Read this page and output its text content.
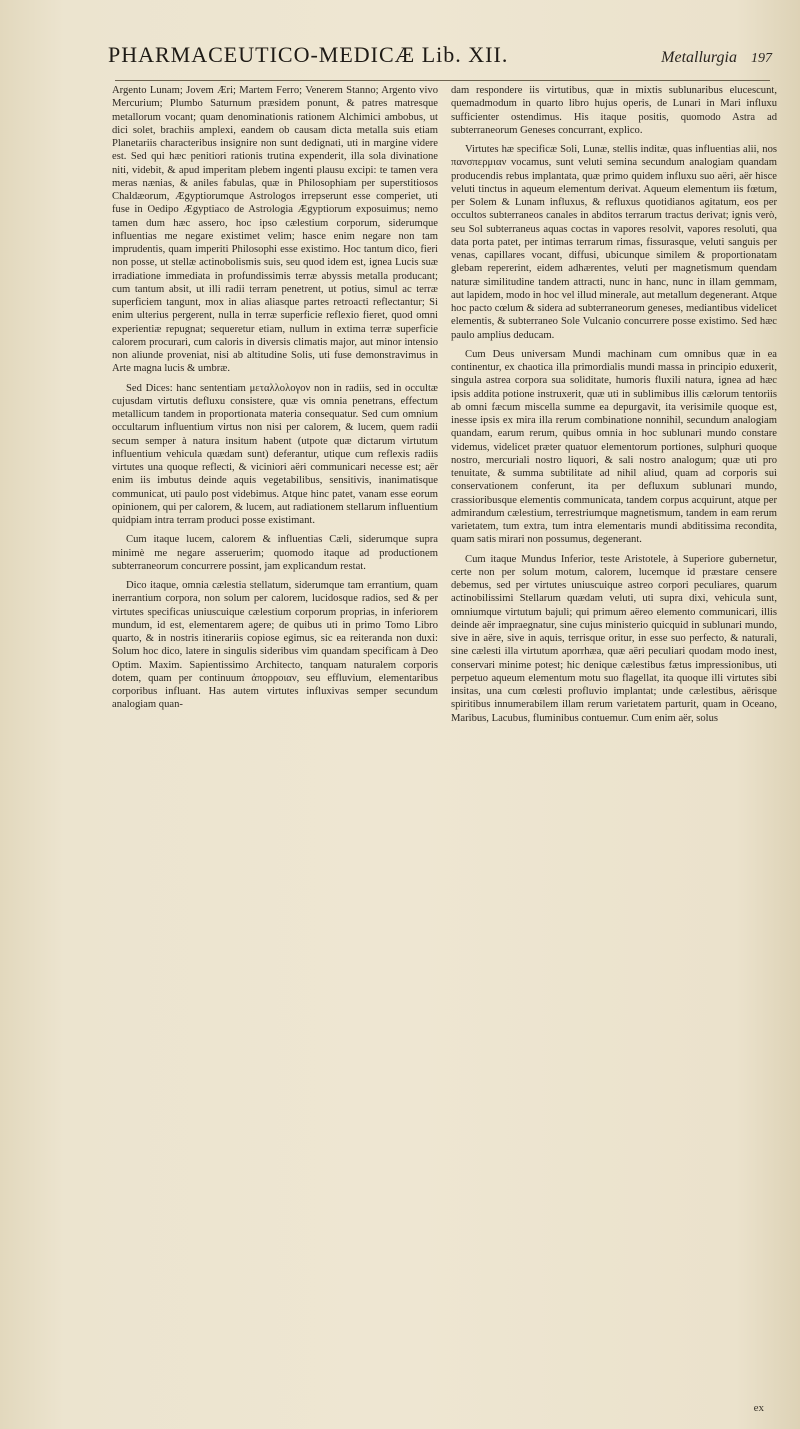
PHARMACEUTICO-MEDICÆ Lib. XII.	Metallurgia 197

Argento Lunam; Jovem Æri; Martem Ferro; Venerem Stanno; Argento vivo Mercurium; Plumbo Saturnum præsidem ponunt, & patres matresque metallorum vocant; quam denominationis rationem Alchimici ambobus, ut dici solet, brachiis amplexi, eandem ob causam dicta metalla suis etiam Planetariis characteribus insignire non sunt dedignati, uti in margine videre est. Sed qui hæc penitiori rationis trutina expenderit, illa sola divinatione niti, videbit, & apud imperitam plebem ingenti plausu excipi: te tamen vera meras nænias, & aniles fabulas, quæ in Philosophiam per superstitiosos Chaldæorum, Ægyptiorumque Astrologos irrepserunt esse comperiet, uti fuse in Oedipo Ægyptiaco de Astrologia Ægyptiorum exposuimus; nemo tamen dum hæc assero, hoc ipso cælestium corporum, siderumque influentias me negare existimet velim; hasce enim negare non tam imprudentis, quam imperiti Philosophi esse existimo. Hoc tantum dico, fieri non posse, ut stellæ actinobolismis suis, seu quod idem est, ignea Lucis suæ irradiatione immediata in profundissimis terræ abyssis metalla producant; cum tantum absit, ut illi radii terram penetrent, ut potius, simul ac terræ superficiem tangunt, mox in alias aliasque partes retroacti reflectantur; Si enim ulterius pergerent, nulla in terræ superficie reflexio fieret, quod omni experientiæ repugnat; sequeretur etiam, nullum in extima terræ superficie calorem procurari, cum caloris in diversis climatis major, aut minor intensio non aliunde proveniat, nisi ab altitudine Solis, uti fuse demonstravimus in Arte magna lucis & umbræ.

Sed Dices: hanc sententiam μεταλλολογον non in radiis, sed in occultæ cujusdam virtutis defluxu consistere, quæ vis omnia penetrans, effectum metallicum tandem in proportionata materia consequatur. Sed cum omnium occultarum influentium virtus non nisi per calorem, & lucem, quem radii secum semper à natura insitum habent (utpote quæ dictarum virtutum influentium vehicula quædam sunt) deferantur, utique cum reflexis radiis virtutes una quoque reflecti, & viciniori aëri communicari necesse est; aër enim iis imbutus deinde aquis vegetabilibus, sensitivis, inanimatisque communicat, uti paulo post videbimus. Atque hinc patet, vanam esse eorum opinionem, qui per calorem, & lucem, aut radiationem stellarum influentium quidpiam intra terram produci posse existimant.

Cum itaque lucem, calorem & influentias Cæli, siderumque supra minimè me negare asseruerim; quomodo itaque ad productionem subterraneorum concurrere possint, jam explicandum restat.

Dico itaque, omnia cælestia stellatum, siderumque tam errantium, quam inerrantium corpora, non solum per calorem, lucidosque radios, sed & per virtutes specificas uniuscuique cælestium corporum proprias, in inferiorem mundum, id est, elementarem agere; de quibus uti in primo Tomo Libro quarto, & in nostris itinerariis copiose egimus, sic ea reiteranda non duxi: Solum hoc dico, latere in singulis sideribus vim quandam specificam à Deo Optim. Maxim. Sapientissimo Architecto, tanquam naturalem corporis dotem, quam per continuum ἀπορροιαν, seu effluvium, elementaribus corporibus influant. Has autem virtutes influxivas semper secundum analogiam quan-

dam respondere iis virtutibus, quæ in mixtis sublunaribus elucescunt, quemadmodum in quarto libro hujus operis, de Lunari in Mari influxu sufficienter ostendimus. His itaque positis, quomodo Astra ad subterraneorum Geneses concurrant, explico.

Virtutes hæ specificæ Soli, Lunæ, stellis inditæ, quas influentias alii, nos πανσπερμιαν vocamus, sunt veluti semina secundum analogiam quandam producendis rebus implantata, quæ primo quidem influxu suo aëri, aër hisce veluti tinctus in aqueum elementum derivat. Aqueum elementum iis fœtum, per Solem & Lunam influxus, & refluxus quotidianos agitatum, eos per occultos subterraneos canales in abditos terrarum tractus derivat; ignis verò, seu Sol subterraneus aquas coctas in vapores resolvit, vapores resoluti, qua data porta patet, per intimas terrarum rimas, fissurasque, veluti sanguis per venas, capillares vocant, diffusi, ubicunque similem & proportionatam glebam repererint, eidem adhærentes, veluti per magnetismum quendam naturæ similitudine tandem attracti, nunc in hanc, nunc in illam gemmam, aut lapidem, modo in hoc vel illud minerale, aut metallum degenerant. Atque hoc pacto cœlum & sidera ad subterraneorum geneses, mediantibus videlicet elementis, & subterraneo Sole Vulcanio concurrere posse existimo. Sed hæc paulo amplius deducam.

Cum Deus universam Mundi machinam cum omnibus quæ in ea continentur, ex chaotica illa primordialis mundi massa in principio eduxerit, singula astrea corpora sua soliditate, humoris fluxili natura, ignea ad hæc ipsis addita potione instruxerit, quæ uti in sublimibus illis cælorum tentoriis ab omni fæcum miscella summe ea depurgavit, ita verisimile quoque est, inesse ipsis ex mira illa rerum combinatione nonnihil, secundum analogiam quandam, earum rerum, quibus omnia in hoc sublunari mundo constare videmus, videlicet præter quatuor elementorum portiones, sulphuri quoque nostro, mercuriali nostro liquori, & sali nostro analogum; quæ uti pro tenuitate, & summa subtilitate ad nihil aliud, quam ad corporis sui conservationem conferunt, ita per defluxum sublunari mundo, crassioribusque elementis communicata, tandem corpus acquirunt, atque per admirandum cælestium, terrestriumque magnetismum, tandem in eam rerum varietatem, tum extra, tum intra elementaris mundi abditissima recondita, quam satis mirari non possumus, degenerant.

Cum itaque Mundus Inferior, teste Aristotele, à Superiore gubernetur, certe non per solum motum, calorem, lucemque id præstare censere debemus, sed per virtutes uniuscuique astreo corpori peculiares, quarum actinobilissimi Stellarum quædam veluti, uti supra dixi, vehicula sunt, omniumque virtutum bajuli; qui primum aëreo elemento communicari, illis deinde aër impraegnatur, sine cujus ministerio quicquid in sublunari mundo, sive in aëre, sive in aquis, terrisque oritur, in esse suo perfecto, & naturali, sine cælesti illa virtutum aporrhæa, quæ aëri peculiari quodam modo inest, conservari minime potest; hic denique cælestibus fætus impressionibus, uti perpetuo aqueum elementum motu suo flagellat, ita quoque illi virtutes sibi insitas, una cum cœlesti profluvio implantat; unde cælestibus, aërisque spiritibus innumerabilem illam rerum varietatem parturit, quam in Oceano, Maribus, Lacubus, fluminibus contuemur. Cum enim aër, solus

ex
